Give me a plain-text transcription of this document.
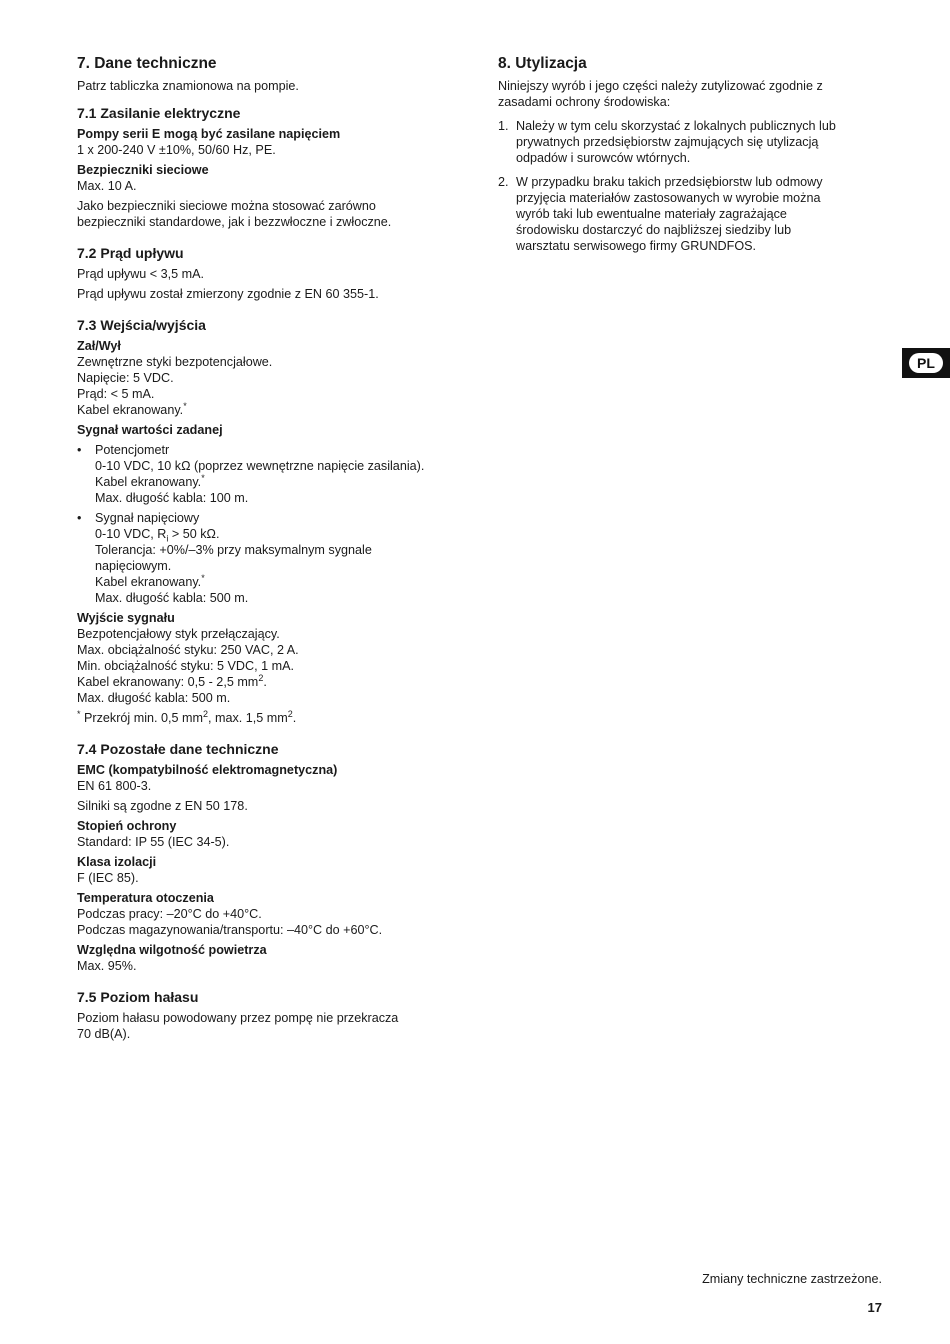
7. Dane techniczne

Patrz tabliczka znamionowa na pompie.

7.1 Zasilanie elektryczne
Pompy serii E mogą być zasilane napięciem
1 x 200-240 V ±10%, 50/60 Hz, PE.
Bezpieczniki sieciowe
Max. 10 A.
Jako bezpieczniki sieciowe można stosować zarówno
bezpieczniki standardowe, jak i bezzwłoczne i zwłoczne.
7.2 Prąd upływu

Prąd upływu < 3,5 mA.

Prąd upływu został zmierzony zgodnie z EN 60 355-1.

7.3 Wejścia/wyjścia
Zał/Wył
Zewnętrzne styki bezpotencjałowe.
Napięcie: 5 VDC.
Prąd: < 5 mA.
Kabel ekranowany.*
Sygnał wartości zadanej
• Potencjometr
0-10 VDC, 10 kΩ (poprzez wewnętrzne napięcie zasilania).
Kabel ekranowany.*
Max. długość kabla: 100 m.
• Sygnał napięciowy
0-10 VDC, $R_i > 50$ kΩ.
Tolerancja: +0%/–3% przy maksymalnym sygnale
napięciowym.
Kabel ekranowany.*
Max. długość kabla: 500 m.
Wyjście sygnału
Bezpotencjałowy styk przełączający.
Max. obciążalność styku: 250 VAC, 2 A.
Min. obciążalność styku: 5 VDC, 1 mA.
Kabel ekranowany: 0,5 - 2,5 $mm^2$.
Max. długość kabla: 500 m.

* Przekrój min. 0,5 $mm^2$, max. 1,5 $mm^2$.

7.4 Pozostałe dane techniczne
EMC (kompatybilność elektromagnetyczna)
EN 61 800-3.

Silniki są zgodne z EN 50 178.

Stopień ochrony
Standard: IP 55 (IEC 34-5).
Klasa izolacji
F (IEC 85).
Temperatura otoczenia
Podczas pracy: –20°C do +40°C.
Podczas magazynowania/transportu: –40°C do +60°C.
Względna wilgotność powietrza
Max. 95%.
7.5 Poziom hałasu
Poziom hałasu powodowany przez pompę nie przekracza
70 dB(A).
8. Utylizacja
Niniejszy wyrób i jego części należy zutylizować zgodnie z
zasadami ochrony środowiska:
1. Należy w tym celu skorzystać z lokalnych publicznych lub
prywatnych przedsiębiorstw zajmujących się utylizacją
odpadów i surowców wtórnych.
2. W przypadku braku takich przedsiębiorstw lub odmowy
przyjęcia materiałów zastosowanych w wyrobie można
wyrób taki lub ewentualne materiały zagrażające
środowisku dostarczyć do najbliższej siedziby lub
warsztatu serwisowego firmy GRUNDFOS.
PL
Zmiany techniczne zastrzeżone.
17
